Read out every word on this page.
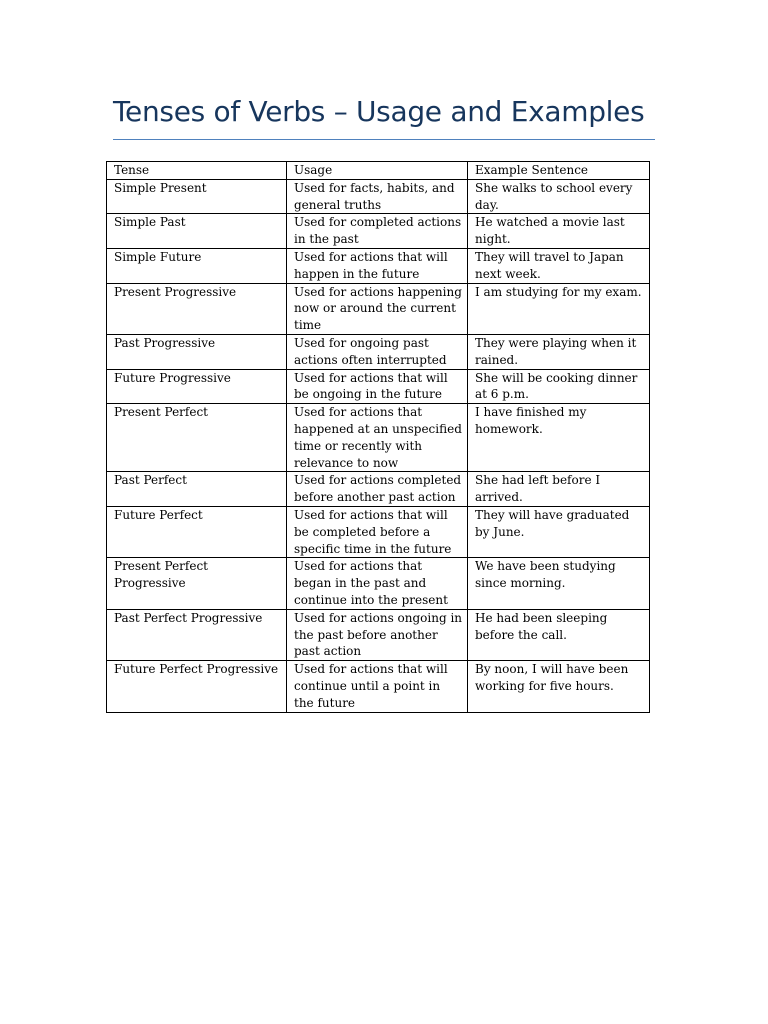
Tenses of Verbs – Usage and Examples
Tense	Usage	Example Sentence
Simple Present	Used for facts, habits, and general truths	She walks to school every day.
Simple Past	Used for completed actions in the past	He watched a movie last night.
Simple Future	Used for actions that will happen in the future	They will travel to Japan next week.
Present Progressive	Used for actions happening now or around the current time	I am studying for my exam.
Past Progressive	Used for ongoing past actions often interrupted	They were playing when it rained.
Future Progressive	Used for actions that will be ongoing in the future	She will be cooking dinner at 6 p.m.
Present Perfect	Used for actions that happened at an unspecified time or recently with relevance to now	I have finished my homework.
Past Perfect	Used for actions completed before another past action	She had left before I arrived.
Future Perfect	Used for actions that will be completed before a specific time in the future	They will have graduated by June.
Present Perfect Progressive	Used for actions that began in the past and continue into the present	We have been studying since morning.
Past Perfect Progressive	Used for actions ongoing in the past before another past action	He had been sleeping before the call.
Future Perfect Progressive	Used for actions that will continue until a point in the future	By noon, I will have been working for five hours.
